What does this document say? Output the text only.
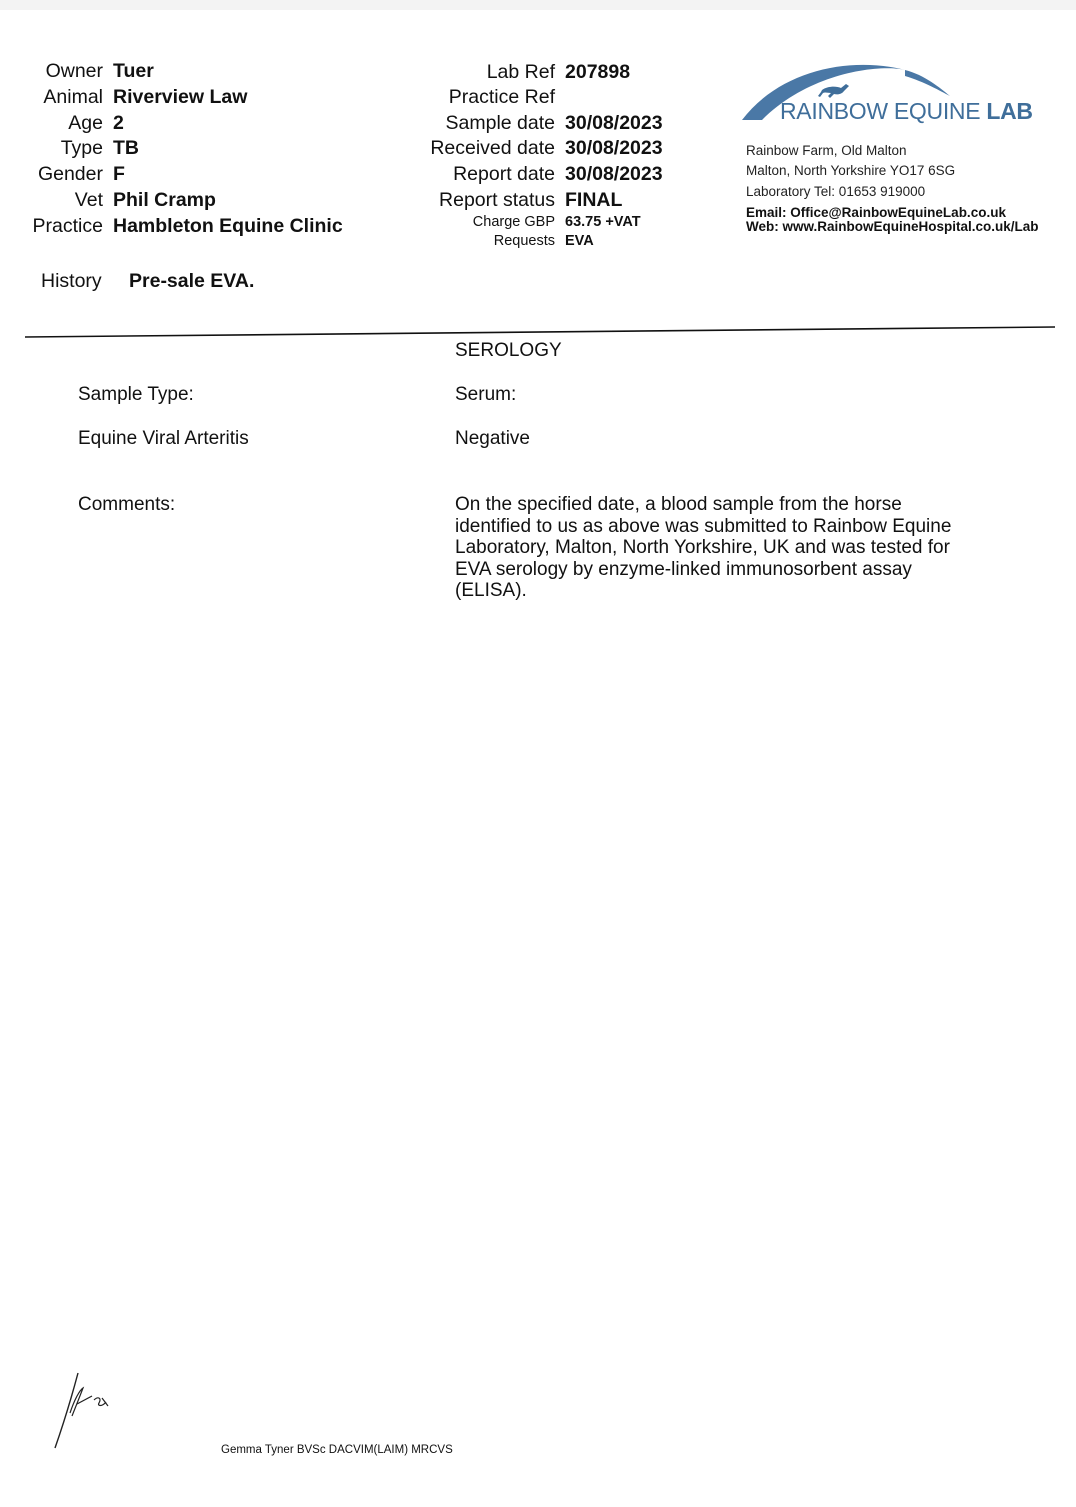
Owner Tuer
Animal Riverview Law
Age 2
Type TB
Gender F
Vet Phil Cramp
Practice Hambleton Equine Clinic
Lab Ref 207898
Practice Ref
Sample date 30/08/2023
Received date 30/08/2023
Report date 30/08/2023
Report status FINAL
Charge GBP 63.75 +VAT
Requests EVA
RAINBOW EQUINE LAB
Rainbow Farm, Old Malton
Malton, North Yorkshire YO17 6SG
Laboratory Tel: 01653 919000
Email: Office@RainbowEquineLab.co.uk
Web: www.RainbowEquineHospital.co.uk/Lab
History Pre-sale EVA.
SEROLOGY
Sample Type:	Serum:
Equine Viral Arteritis	Negative
Comments:	On the specified date, a blood sample from the horse identified to us as above was submitted to Rainbow Equine Laboratory, Malton, North Yorkshire, UK and was tested for EVA serology by enzyme-linked immunosorbent assay (ELISA).
Gemma Tyner BVSc DACVIM(LAIM) MRCVS
